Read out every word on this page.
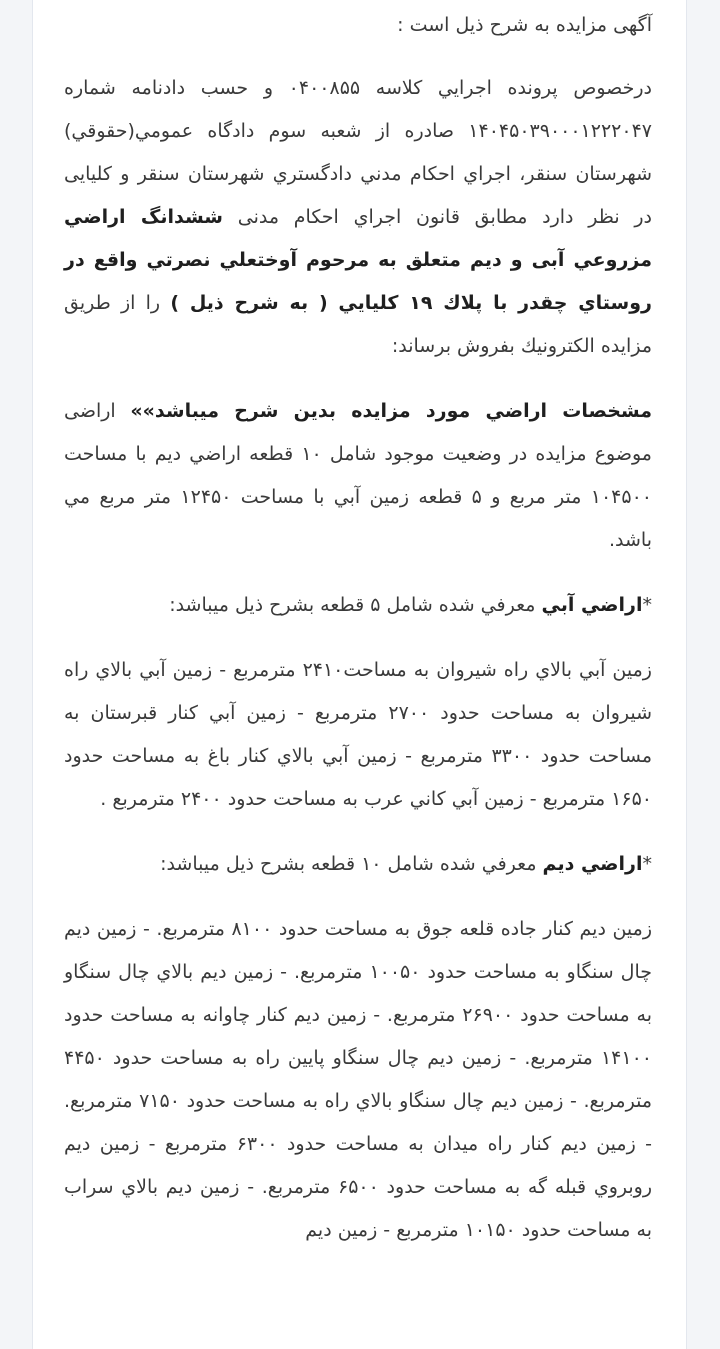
آگهی مزايده به شرح ذيل است :

درخصوص پرونده اجرايي كلاسه ۰۴۰۰۸۵۵ و حسب دادنامه شماره ۱۴۰۴۵۰۳۹۰۰۰۱۲۲۲۰۴۷ صادره از شعبه سوم دادگاه عمومي(حقوقي) شهرستان سنقر، اجراي احكام مدني دادگستري شهرستان سنقر و كليايی در نظر دارد مطابق قانون اجراي احكام مدنی ششدانگ اراضي مزروعي آبی و ديم متعلق به مرحوم آوختعلي نصرتي واقع در روستاي چقدر با پلاك ۱۹ كليايي ( به شرح ذيل ) را از طريق مزايده الكترونيك بفروش برساند:

مشخصات اراضي مورد مزايده بدين شرح ميباشد»» اراضی موضوع مزايده در وضعيت موجود شامل ۱۰ قطعه اراضي ديم با مساحت ۱۰۴۵۰۰ متر مربع و ۵ قطعه زمين آبي با مساحت ۱۲۴۵۰ متر مربع مي باشد.

*اراضي آبي معرفي شده شامل ۵ قطعه بشرح ذيل ميباشد:

زمين آبي بالاي راه شيروان به مساحت۲۴۱۰ مترمربع - زمين آبي بالاي راه شيروان به مساحت حدود ۲۷۰۰ مترمربع - زمين آبي كنار قبرستان به مساحت حدود ۳۳۰۰ مترمربع - زمين آبي بالاي كنار باغ به مساحت حدود ۱۶۵۰ مترمربع - زمين آبي كاني عرب به مساحت حدود ۲۴۰۰ مترمربع .

*اراضي ديم معرفي شده شامل ۱۰ قطعه بشرح ذيل ميباشد:

زمين ديم كنار جاده قلعه جوق به مساحت حدود ۸۱۰۰ مترمربع. - زمين ديم چال سنگاو به مساحت حدود ۱۰۰۵۰ مترمربع. - زمين ديم بالاي چال سنگاو به مساحت حدود ۲۶۹۰۰ مترمربع. - زمين ديم كنار چاوانه به مساحت حدود ۱۴۱۰۰ مترمربع. - زمين ديم چال سنگاو پايين راه به مساحت حدود ۴۴۵۰ مترمربع. - زمين ديم چال سنگاو بالاي راه به مساحت حدود ۷۱۵۰ مترمربع. - زمين ديم كنار راه ميدان به مساحت حدود ۶۳۰۰ مترمربع - زمين ديم روبروي قبله گه به مساحت حدود ۶۵۰۰ مترمربع. - زمين ديم بالاي سراب به مساحت حدود ۱۰۱۵۰ مترمربع - زمين ديم
